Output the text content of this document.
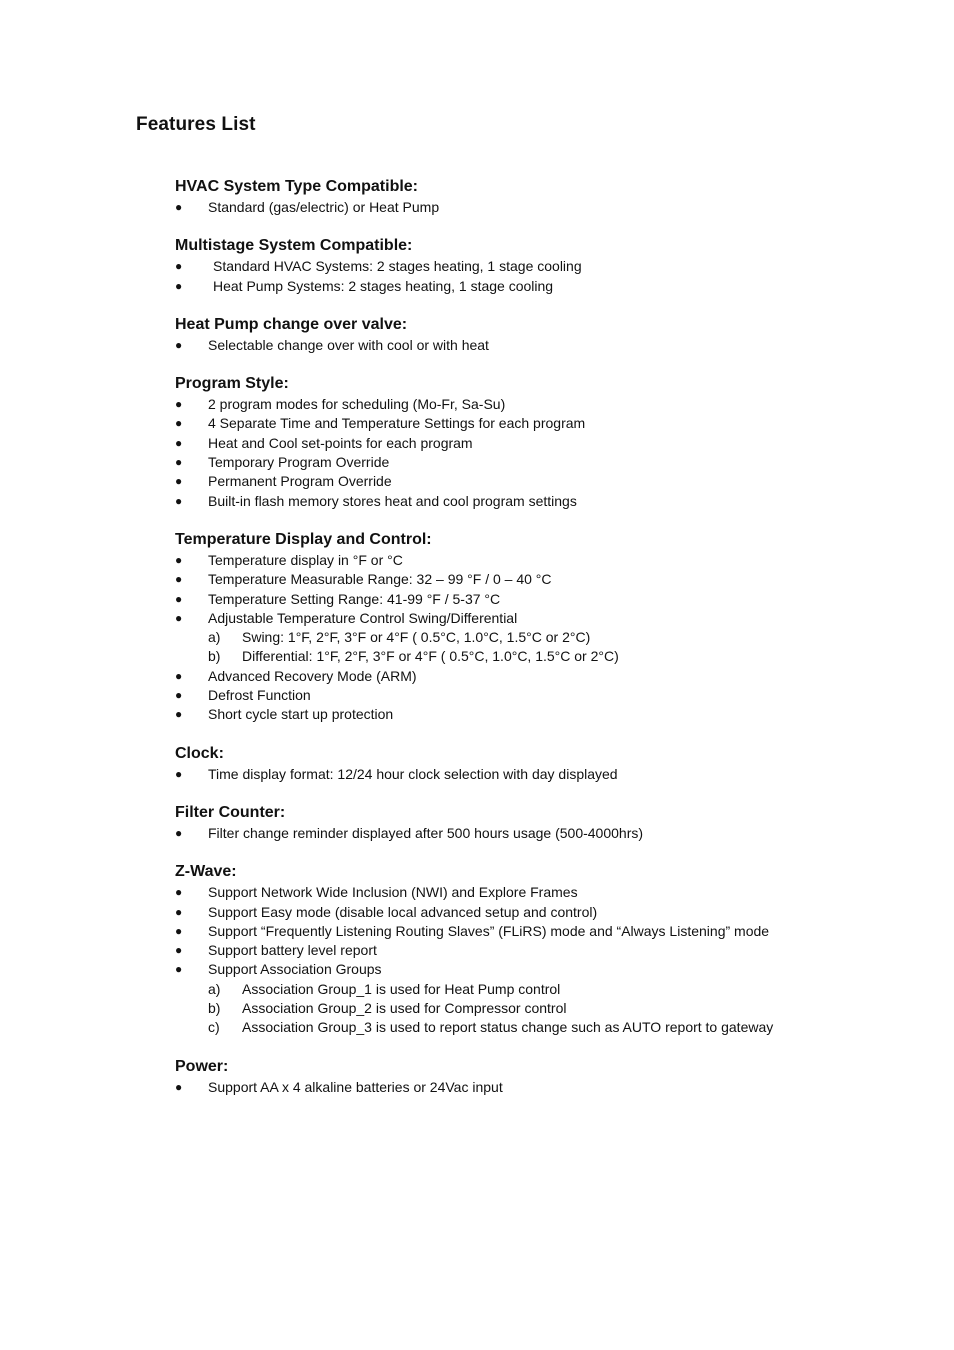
Features List
HVAC System Type Compatible:
● Standard (gas/electric) or Heat Pump
Multistage System Compatible:
● Standard HVAC Systems: 2 stages heating, 1 stage cooling
● Heat Pump Systems: 2 stages heating, 1 stage cooling
Heat Pump change over valve:
● Selectable change over with cool or with heat
Program Style:
● 2 program modes for scheduling (Mo-Fr, Sa-Su)
● 4 Separate Time and Temperature Settings for each program
● Heat and Cool set-points for each program
● Temporary Program Override
● Permanent Program Override
● Built-in flash memory stores heat and cool program settings
Temperature Display and Control:
● Temperature display in °F or °C
● Temperature Measurable Range: 32 – 99 °F / 0 – 40 °C
● Temperature Setting Range: 41-99 °F / 5-37 °C
● Adjustable Temperature Control Swing/Differential
a) Swing: 1°F, 2°F, 3°F or 4°F ( 0.5°C, 1.0°C, 1.5°C or 2°C)
b) Differential: 1°F, 2°F, 3°F or 4°F ( 0.5°C, 1.0°C, 1.5°C or 2°C)
● Advanced Recovery Mode (ARM)
● Defrost Function
● Short cycle start up protection
Clock:
● Time display format: 12/24 hour clock selection with day displayed
Filter Counter:
● Filter change reminder displayed after 500 hours usage (500-4000hrs)
Z-Wave:
● Support Network Wide Inclusion (NWI) and Explore Frames
● Support Easy mode (disable local advanced setup and control)
● Support “Frequently Listening Routing Slaves” (FLiRS) mode and “Always Listening” mode
● Support battery level report
● Support Association Groups
a) Association Group_1 is used for Heat Pump control
b) Association Group_2 is used for Compressor control
c) Association Group_3 is used to report status change such as AUTO report to gateway
Power:
● Support AA x 4 alkaline batteries or 24Vac input
